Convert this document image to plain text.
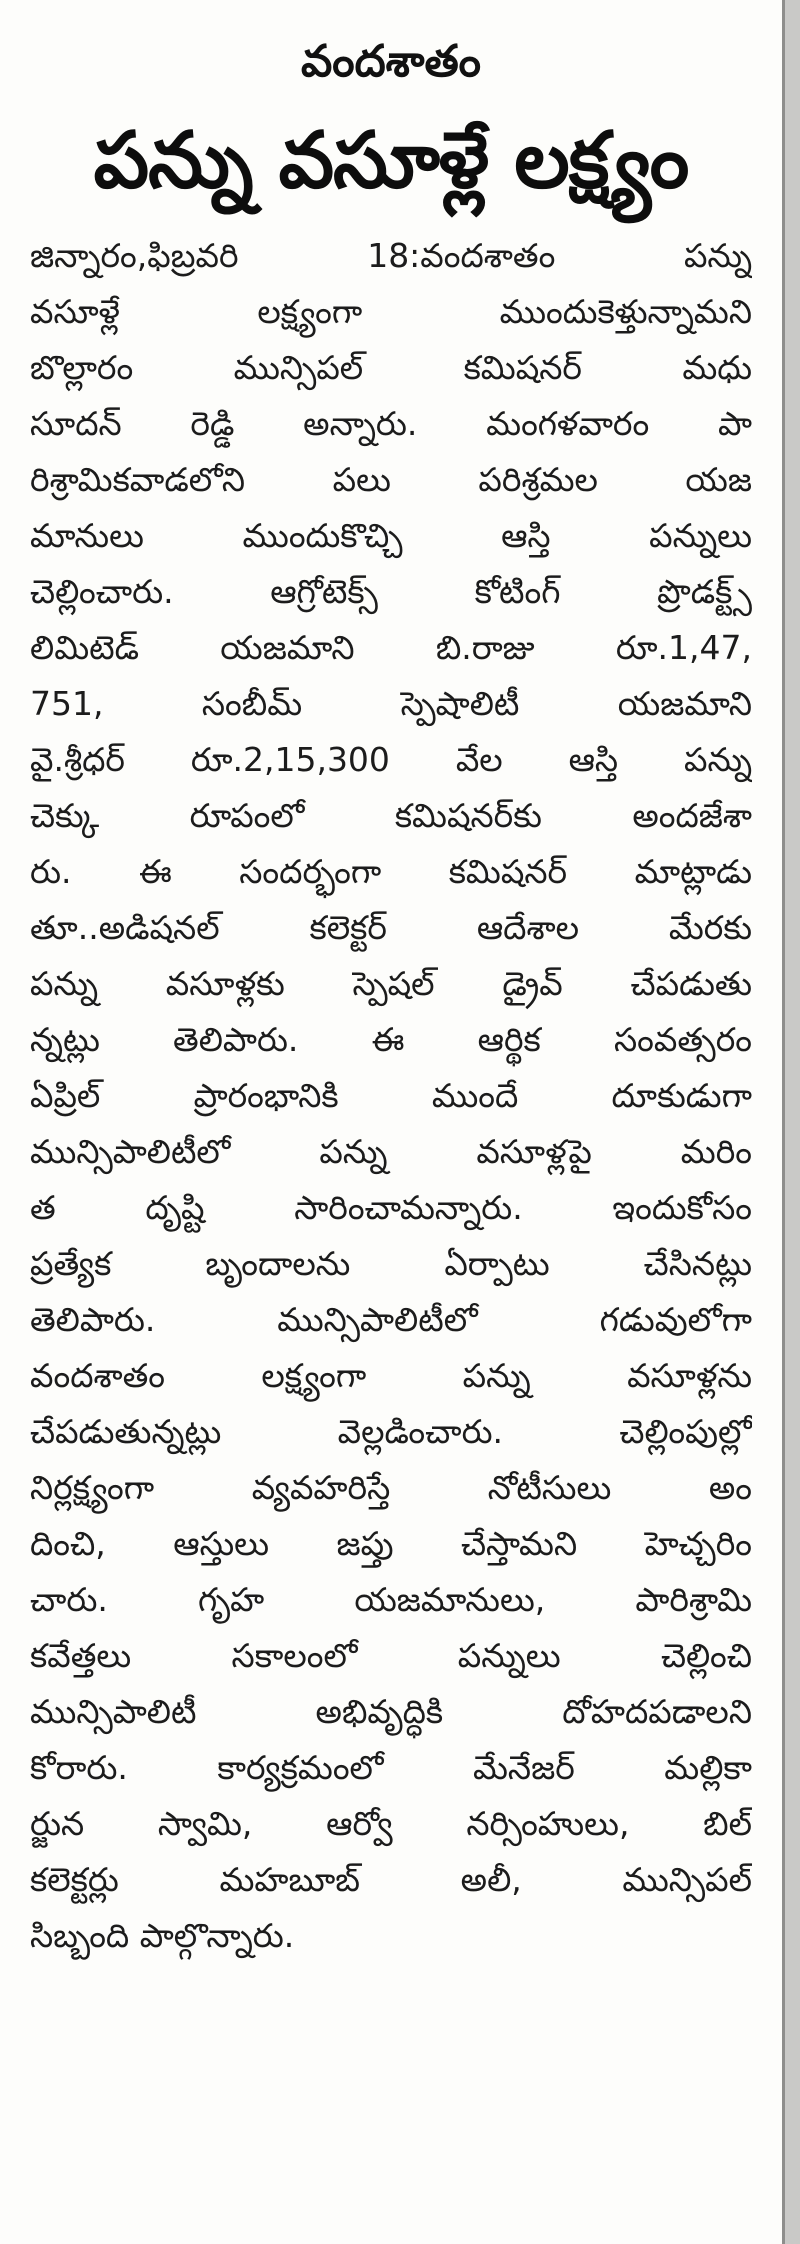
వందశాతం
పన్ను వసూళ్లే లక్ష్యం
జిన్నారం,ఫిబ్రవరి 18:వందశాతం పన్ను
వసూళ్లే లక్ష్యంగా ముందుకెళ్తున్నామని
బొల్లారం మున్సిపల్ కమిషనర్ మధు
సూదన్ రెడ్డి అన్నారు. మంగళవారం పా
రిశ్రామికవాడలోని పలు పరిశ్రమల యజ
మానులు ముందుకొచ్చి ఆస్తి పన్నులు
చెల్లించారు. ఆగ్రోటెక్స్ కోటింగ్ ప్రొడక్ట్స్
లిమిటెడ్ యజమాని బి.రాజు రూ.1,47,
751, సంబీమ్ స్పెషాలిటీ యజమాని
వై.శ్రీధర్ రూ.2,15,300 వేల ఆస్తి పన్ను
చెక్కు రూపంలో కమిషనర్‌కు అందజేశా
రు. ఈ సందర్భంగా కమిషనర్ మాట్లాడు
తూ..అడిషనల్ కలెక్టర్ ఆదేశాల మేరకు
పన్ను వసూళ్లకు స్పెషల్ డ్రైవ్ చేపడుతు
న్నట్లు తెలిపారు. ఈ ఆర్థిక సంవత్సరం
ఏప్రిల్ ప్రారంభానికి ముందే దూకుడుగా
మున్సిపాలిటీలో పన్ను వసూళ్లపై మరిం
త దృష్టి సారించామన్నారు. ఇందుకోసం
ప్రత్యేక బృందాలను ఏర్పాటు చేసినట్లు
తెలిపారు. మున్సిపాలిటీలో గడువులోగా
వందశాతం లక్ష్యంగా పన్ను వసూళ్లను
చేపడుతున్నట్లు వెల్లడించారు. చెల్లింపుల్లో
నిర్లక్ష్యంగా వ్యవహరిస్తే నోటీసులు అం
దించి, ఆస్తులు జప్తు చేస్తామని హెచ్చరిం
చారు. గృహ యజమానులు, పారిశ్రామి
కవేత్తలు సకాలంలో పన్నులు చెల్లించి
మున్సిపాలిటీ అభివృద్ధికి దోహదపడాలని
కోరారు. కార్యక్రమంలో మేనేజర్ మల్లికా
ర్జున స్వామి, ఆర్వో నర్సింహులు, బిల్
కలెక్టర్లు మహబూబ్ అలీ, మున్సిపల్
సిబ్బంది పాల్గొన్నారు.
